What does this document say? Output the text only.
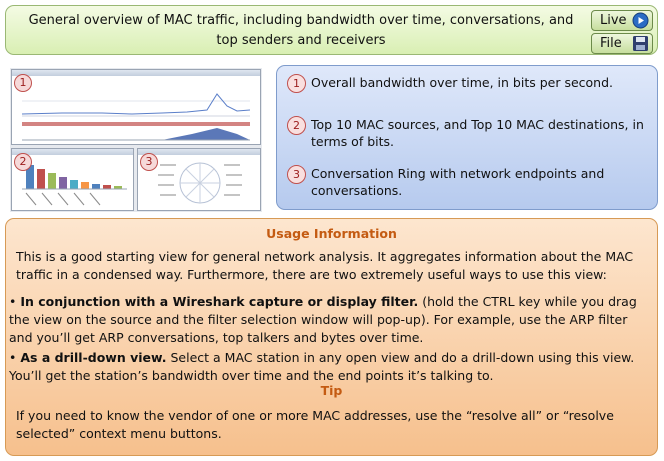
General overview of MAC traffic, including bandwidth over time, conversations, and top senders and receivers
Live
File
1
2	3
1 Overall bandwidth over time, in bits per second.
2 Top 10 MAC sources, and Top 10 MAC destinations, in terms of bits.
3 Conversation Ring with network endpoints and conversations.
Usage Information
This is a good starting view for general network analysis. It aggregates information about the MAC traffic in a condensed way. Furthermore, there are two extremely useful ways to use this view:
• In conjunction with a Wireshark capture or display filter. (hold the CTRL key while you drag the view on the source and the filter selection window will pop-up). For example, use the ARP filter and you’ll get ARP conversations, top talkers and bytes over time.
• As a drill-down view. Select a MAC station in any open view and do a drill-down using this view. You’ll get the station’s bandwidth over time and the end points it’s talking to.
Tip
If you need to know the vendor of one or more MAC addresses, use the “resolve all” or “resolve selected” context menu buttons.
